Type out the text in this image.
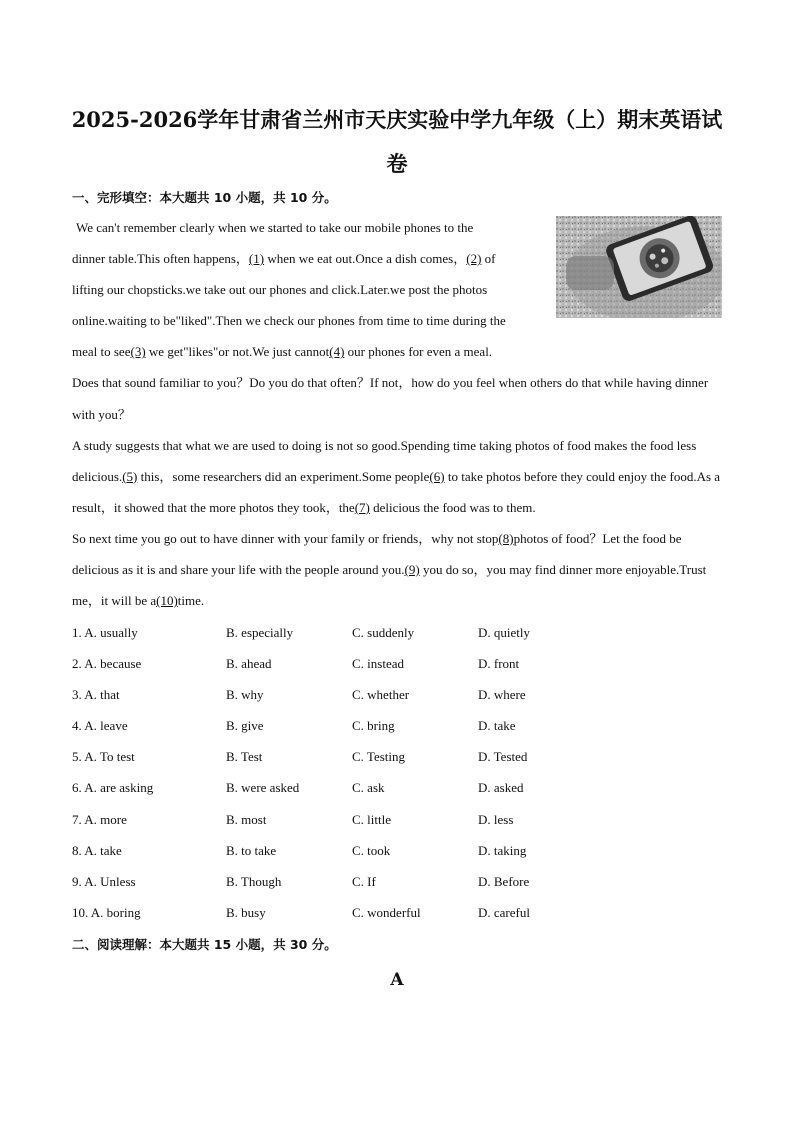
2025-2026学年甘肃省兰州市天庆实验中学九年级（上）期末英语试
卷
一、完形填空：本大题共 10 小题，共 10 分。

We can't remember clearly when we started to take our mobile phones to the

dinner table.This often happens，(1) when we eat out.Once a dish comes，(2) of

lifting our chopsticks.we take out our phones and click.Later.we post the photos

online.waiting to be"liked".Then we check our phones from time to time during the

meal to see(3) we get"likes"or not.We just cannot(4) our phones for even a meal.

Does that sound familiar to you？Do you do that often？If not，how do you feel when others do that while having dinner with you？

A study suggests that what we are used to doing is not so good.Spending time taking photos of food makes the food less delicious.(5) this，some researchers did an experiment.Some people(6) to take photos before they could enjoy the food.As a result，it showed that the more photos they took，the(7) delicious the food was to them.

So next time you go out to have dinner with your family or friends，why not stop(8)photos of food？Let the food be delicious as it is and share your life with the people around you.(9) you do so，you may find dinner more enjoyable.Trust me，it will be a(10)time.

1. A. usually	B. especially	C. suddenly	D. quietly
2. A. because	B. ahead	C. instead	D. front
3. A. that	B. why	C. whether	D. where
4. A. leave	B. give	C. bring	D. take
5. A. To test	B. Test	C. Testing	D. Tested
6. A. are asking	B. were asked	C. ask	D. asked
7. A. more	B. most	C. little	D. less
8. A. take	B. to take	C. took	D. taking
9. A. Unless	B. Though	C. If	D. Before
10. A. boring	B. busy	C. wonderful	D. careful
二、阅读理解：本大题共 15 小题，共 30 分。
A
